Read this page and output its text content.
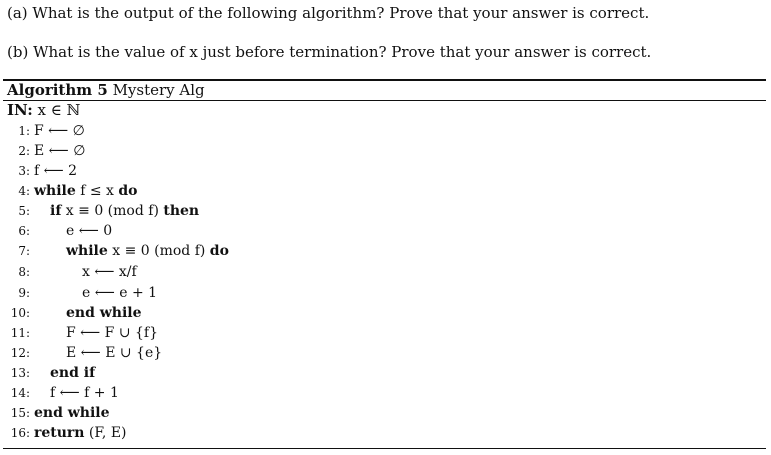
(a) What is the output of the following algorithm? Prove that your answer is correct.
(b) What is the value of x just before termination? Prove that your answer is correct.
Algorithm 5 Mystery Alg
IN: x ∈ ℕ
1: F ⟵ ∅
2: E ⟵ ∅
3: f ⟵ 2
4: while f ≤ x do
5: if x ≡ 0 (mod f) then
6:	e ⟵ 0
7:	while x ≡ 0 (mod f) do
8:	x ⟵ x/f
9:	e ⟵ e + 1
10:	end while
11:	F ⟵ F ∪ {f}
12:	E ⟵ E ∪ {e}
13: end if
14: f ⟵ f + 1
15: end while
16: return (F, E)
